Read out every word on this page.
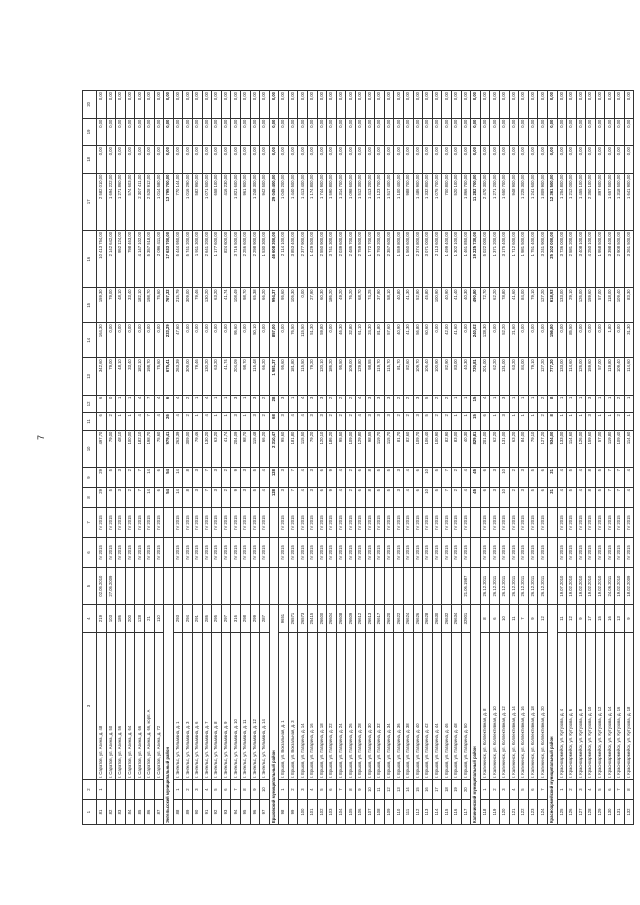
7
1	2	3	4	5	6	7	8	9	10	11	12	13	14	15	16	17	18	19	20
81	1	г. Саратов, ул. Азина, д. 48	219	02.05.2010	IV 2015	IV 2015	29	29	497,70	6	6	342,60	164,30	159,30	10 413 754,00	2 582 010,00	0,00	0,00	0,00
82		г. Саратов, ул. Азина, д. 50	103	27.05.2009	IV 2015	IV 2015	5	5	79,00	2	0	79,00	0,00	79,00	2 142 642,00	1 694 222,00	0,00	0,00	0,00
83		г. Саратов, ул. Азина, д. 56	186		IV 2015	IV 2015	3	3	48,10	1	1	48,10	0,00	48,10	952 124,00	1 271 860,00	0,00	0,00	0,00
84		г. Саратов, ул. Азина, д. 64	200		IV 2015	IV 2015	2	2	100,00	1	1	33,40	0,00	33,40	798 463,00	574 603,00	0,00	0,00	0,00
85		г. Саратов, ул. Азина, д. 66	128		IV 2015	IV 2015	7	7	182,10	4	4	182,10	0,00	182,10	4 147 102,00	2 307 411,00	0,00	0,00	0,00
86		г. Саратов, ул. Азина, д. 66, корп. А	21		IV 2015	IV 2015	14	14	198,70	7	7	198,70	0,00	198,70	5 357 518,00	2 528 912,00	0,00	0,00	0,00
87		г. Саратов, ул. Азина, д. 72	110		IV 2015	IV 2015	6	6	75,60	4	4	75,60	0,00	75,60	2 096 411,00	1 014 580,00	0,00	0,00	0,00
Энгельсский муниципальный район							54	54	979,41	26	6	675,41	233,29	767,32	17 633 700,00	13 795 700,00	0,00	0,00	0,00
88	1	г. Энгельс, ул. Тельмана, д. 1	293		IV 2015	IV 2015	14	14	263,39	4	4	263,39	47,60	215,79	5 444 950,00	770 144,00	0,00	0,00	0,00
89	2	г. Энгельс, ул. Тельмана, д. 3	294		IV 2015	IV 2015	8	8	309,00	2	2	309,00	0,00	309,00	5 741 200,00	1 016 290,00	0,00	0,00	0,00
90	3	г. Энгельс, ул. Тельмана, д. 6	291		IV 2015	IV 2015	3	3	79,46	1	1	79,46	0,00	79,46	1 911 300,00	582 950,00	0,00	0,00	0,00
91	4	г. Энгельс, ул. Тельмана, д. 7	286		IV 2015	IV 2015	7	7	130,20	4	4	130,20	0,00	130,20	2 641 200,00	1 071 500,00	0,00	0,00	0,00
92	5	г. Энгельс, ул. Тельмана, д. 8	295		IV 2015	IV 2015	3	3	63,20	1	1	63,20	0,00	63,20	1 177 600,00	658 100,00	0,00	0,00	0,00
93	6	г. Энгельс, ул. Тельмана, д. 9	297		IV 2015	IV 2015	2	2	41,74	1	1	41,74	0,00	41,74	824 600,00	416 230,00	0,00	0,00	0,00
94	7	г. Энгельс, ул. Тельмана, д. 10	316		IV 2015	IV 2015	9	9	204,09	3	3	204,09	95,60	108,49	3 716 500,00	1 821 600,00	0,00	0,00	0,00
95	8	г. Энгельс, ул. Тельмана, д. 11	298		IV 2015	IV 2015	3	3	98,70	1	1	98,70	0,00	98,70	2 256 600,00	961 900,00	0,00	0,00	0,00
96	9	г. Энгельс, ул. Тельмана, д. 12	299		IV 2015	IV 2015	5	5	115,48	3	3	115,48	50,10	65,38	2 298 900,00	1 248 300,00	0,00	0,00	0,00
97	10	г. Энгельс, ул. Тельмана, д. 14	287		IV 2015	IV 2015	4	4	66,20	2	2	66,20	0,00	66,20	1 530 300,00	942 500,00	0,00	0,00	0,00
Ершовский муниципальный район							128	128	2 310,47	68	28	1 981,37	857,00	994,37	46 608 300,00	29 045 400,00	0,00	0,00	0,00
98	1	г. Ершов, ул. Вокзальная, д. 1	9651		IV 2015	IV 2015	3	3	95,60	3	3	95,60	0,00	95,60	2 114 100,00	1 045 200,00	0,00	0,00	0,00
99	2	г. Ершов, ул. Вокзальная, д. 3	26571		IV 2015	IV 2015	7	7	181,80	4	1	181,80	76,50	105,30	3 853 400,00	1 440 500,00	0,00	0,00	0,00
100	3	г. Ершов, ул. Гагарина, д. 14	26573		IV 2015	IV 2015	4	4	115,50	4	4	115,50	115,50	0,00	2 377 900,00	1 413 400,00	0,00	0,00	0,00
101	4	г. Ершов, ул. Гагарина, д. 16	25415		IV 2015	IV 2015	3	3	79,20	3	3	79,20	51,30	27,90	1 429 500,00	1 174 800,00	0,00	0,00	0,00
102	5	г. Ершов, ул. Гагарина, д. 18	26600		IV 2015	IV 2015	6	6	120,10	3	3	120,10	59,80	60,30	2 550 900,00	1 744 900,00	0,00	0,00	0,00
103	6	г. Ершов, ул. Гагарина, д. 22	26604		IV 2015	IV 2015	9	9	186,20	2	2	186,20	0,00	186,20	3 741 300,00	1 590 800,00	0,00	0,00	0,00
104	7	г. Ершов, ул. Гагарина, д. 24	26608		IV 2015	IV 2015	4	4	95,50	2	2	95,50	46,30	49,20	2 039 600,00	1 314 700,00	0,00	0,00	0,00
105	8	г. Ершов, ул. Гагарина, д. 26	26609		IV 2015	IV 2015	2	2	109,00	2	2	109,00	32,80	76,20	2 485 700,00	1 098 600,00	0,00	0,00	0,00
106	9	г. Ершов, ул. Гагарина, д. 28	26612		IV 2015	IV 2015	6	6	129,80	4	4	129,80	61,10	68,70	2 759 500,00	1 512 300,00	0,00	0,00	0,00
107	10	г. Ершов, ул. Гагарина, д. 30	26613		IV 2015	IV 2015	8	8	98,55	3	3	98,55	24,30	74,25	1 772 700,00	1 413 200,00	0,00	0,00	0,00
108	11	г. Ершов, ул. Гагарина, д. 32	26617		IV 2015	IV 2015	5	5	119,70	3	3	119,70	81,80	37,90	2 793 200,00	1 123 700,00	0,00	0,00	0,00
109	12	г. Ершов, ул. Гагарина, д. 34	26620		IV 2015	IV 2015	5	5	115,70	3	3	115,70	57,60	58,10	2 357 600,00	1 517 400,00	0,00	0,00	0,00
110	13	г. Ершов, ул. Гагарина, д. 36	26622		IV 2015	IV 2015	3	3	81,70	2	2	81,70	40,90	40,80	1 559 800,00	1 100 400,00	0,00	0,00	0,00
111	14	г. Ершов, ул. Гагарина, д. 38	26624		IV 2015	IV 2015	4	4	82,60	2	2	82,60	41,30	41,30	1 560 600,00	988 700,00	0,00	0,00	0,00
112	15	г. Ершов, ул. Гагарина, д. 40	26626		IV 2015	IV 2015	6	6	109,70	3	3	109,70	56,80	52,90	2 374 800,00	1 486 900,00	0,00	0,00	0,00
113	16	г. Ершов, ул. Гагарина, д. 42	26628		IV 2015	IV 2015	10	10	106,40	5	5	106,40	60,60	45,80	3 071 000,00	1 332 800,00	0,00	0,00	0,00
114	17	г. Ершов, ул. Гагарина, д. 44	26630		IV 2015	IV 2015	5	5	100,90	2	2	100,90	0,00	100,90	2 113 600,00	1 075 700,00	0,00	0,00	0,00
115	18	г. Ершов, ул. Гагарина, д. 46	26632		IV 2015	IV 2015	7	7	82,90	2	2	82,90	42,00	40,90	1 499 400,00	700 800,00	0,00	0,00	0,00
116	19	г. Ершов, ул. Гагарина, д. 48	26634		IV 2015	IV 2015	2	2	83,00	1	1	83,00	41,60	41,40	1 302 100,00	520 100,00	0,00	0,00	0,00
117	20	г. Ершов, ул. Гагарина, д. 50	32901	21.06.1987	IV 2015	IV 2015	4	4	40,30	1	1	40,30	0,00	40,30	1 461 850,00	1 866 700,00	0,00	0,00	0,00
Калининский муниципальный район							45	45	829,81	15	15	730,81	240,02	490,80	19 225 730,00	11 282 700,00	0,00	0,00	0,00
118	1	г. Калининск, ул. Коллективная, д. 8	8	26.12.2011	IV 2015	IV 2015	6	6	201,00	6	4	201,00	128,30	72,70	5 022 000,00	2 470 300,00	0,00	0,00	0,00
119	2	г. Калининск, ул. Коллективная, д. 10	6	26.12.2011	IV 2015	IV 2015	3	3	62,20	1	1	62,20	0,00	62,20	1 371 200,00	1 271 200,00	0,00	0,00	0,00
120	3	г. Калининск, ул. Коллективная, д. 12	10	26.12.2011	IV 2015	IV 2015	10	10	131,00	3	3	131,00	52,20	78,80	3 175 400,00	1 650 700,00	0,00	0,00	0,00
121	4	г. Калининск, ул. Коллективная, д. 14	11	26.12.2011	IV 2015	IV 2015	2	2	63,20	1	1	63,20	21,60	41,60	1 712 600,00	948 900,00	0,00	0,00	0,00
122	5	г. Калининск, ул. Коллективная, д. 16	7	26.12.2011	IV 2015	IV 2015	3	3	84,00	1	1	84,00	0,00	84,00	1 981 500,00	1 225 300,00	0,00	0,00	0,00
123	6	г. Калининск, ул. Коллективная, д. 18	9	26.12.2011	IV 2015	IV 2015	5	5	79,10	1	1	79,10	0,00	79,10	1 751 400,00	1 241 600,00	0,00	0,00	0,00
124	7	г. Калининск, ул. Коллективная, д. 20	12	26.12.2011	IV 2015	IV 2015	6	6	127,20	2	2	127,20	0,00	127,20	3 241 900,00	1 809 900,00	0,00	0,00	0,00
Красноармейский муниципальный район							31	31	934,00	8	8	777,20	156,80	618,93	25 102 000,00	12 361 500,00	0,00	0,00	0,00
125	1	г. Красноармейск, ул. Кутузова, д. 4	11	19.07.2010	IV 2015	IV 2015	4	4	133,00	1	1	133,00	0,00	133,00	3 736 000,00	1 254 800,00	0,00	0,00	0,00
126	2	г. Красноармейск, ул. Кутузова, д. 6	12	19.02.2010	IV 2015	IV 2015	5	5	114,60	1	1	114,60	85,50	29,10	2 581 200,00	1 212 000,00	0,00	0,00	0,00
127	3	г. Красноармейск, ул. Кутузова, д. 8	9	19.02.2010	IV 2015	IV 2015	4	4	126,00	1	1	126,00	0,00	126,00	3 408 100,00	1 455 100,00	0,00	0,00	0,00
128	4	г. Красноармейск, ул. Кутузова, д. 10	17	19.02.2010	IV 2015	IV 2015	8	8	159,60	3	3	159,60	0,00	159,60	4 250 100,00	2 350 100,00	0,00	0,00	0,00
129	5	г. Красноармейск, ул. Кутузова, д. 12	15	19.02.2010	IV 2015	IV 2015	5	5	57,00	1	1	57,00	0,00	57,00	1 958 500,00	897 600,00	0,00	0,00	0,00
130	6	г. Красноармейск, ул. Кутузова, д. 14	16	24.06.2011	IV 2015	IV 2015	7	7	119,80	1	1	119,80	1,80	118,00	3 398 400,00	1 657 500,00	0,00	0,00	0,00
131	7	г. Красноармейск, ул. Кутузова, д. 16	13	19.02.2010	IV 2015	IV 2015	7	7	109,40	2	2	109,40	0,00	109,40	2 908 500,00	1 318 500,00	0,00	0,00	0,00
132	8	г. Красноармейск, ул. Кутузова, д. 18	9	18.02.2009	IV 2015	IV 2015	4	4	114,60	1	1	114,60	31,30	83,30	3 261 500,00	1 641 900,00	0,00	0,00	0,00
